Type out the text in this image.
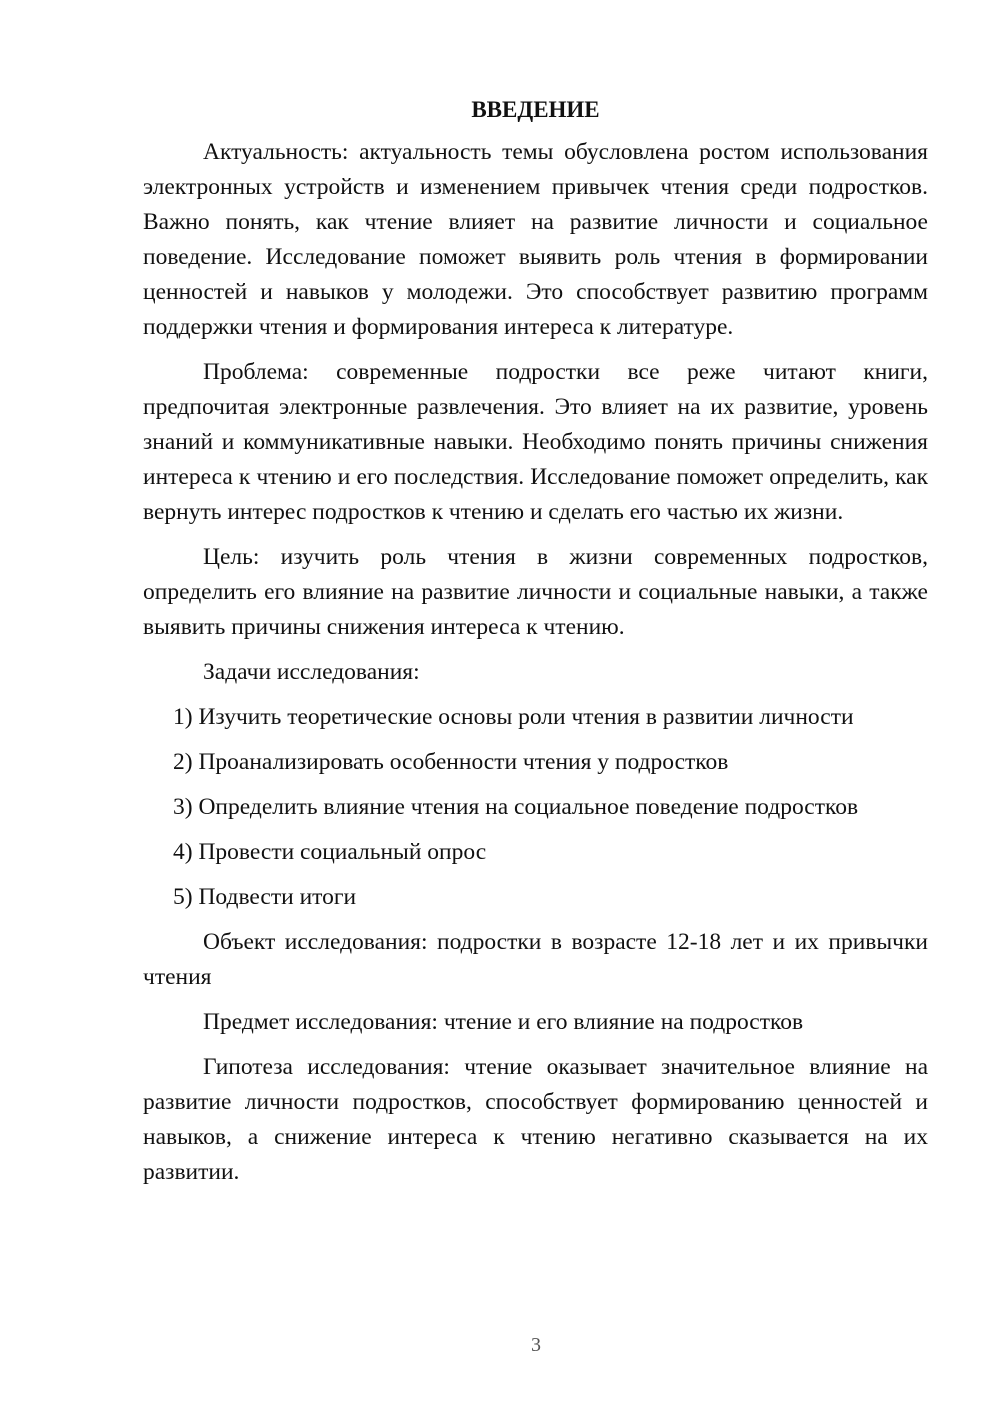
ВВЕДЕНИЕ

Актуальность: актуальность темы обусловлена ростом использования электронных устройств и изменением привычек чтения среди подростков. Важно понять, как чтение влияет на развитие личности и социальное поведение. Исследование поможет выявить роль чтения в формировании ценностей и навыков у молодежи. Это способствует развитию программ поддержки чтения и формирования интереса к литературе.

Проблема: современные подростки все реже читают книги, предпочитая электронные развлечения. Это влияет на их развитие, уровень знаний и коммуникативные навыки. Необходимо понять причины снижения интереса к чтению и его последствия. Исследование поможет определить, как вернуть интерес подростков к чтению и сделать его частью их жизни.

Цель: изучить роль чтения в жизни современных подростков, определить его влияние на развитие личности и социальные навыки, а также выявить причины снижения интереса к чтению.

Задачи исследования:

1) Изучить теоретические основы роли чтения в развитии личности
2) Проанализировать особенности чтения у подростков
3) Определить влияние чтения на социальное поведение подростков
4) Провести социальный опрос
5) Подвести итоги

Объект исследования: подростки в возрасте 12-18 лет и их привычки чтения

Предмет исследования: чтение и его влияние на подростков

Гипотеза исследования: чтение оказывает значительное влияние на развитие личности подростков, способствует формированию ценностей и навыков, а снижение интереса к чтению негативно сказывается на их развитии.

3
